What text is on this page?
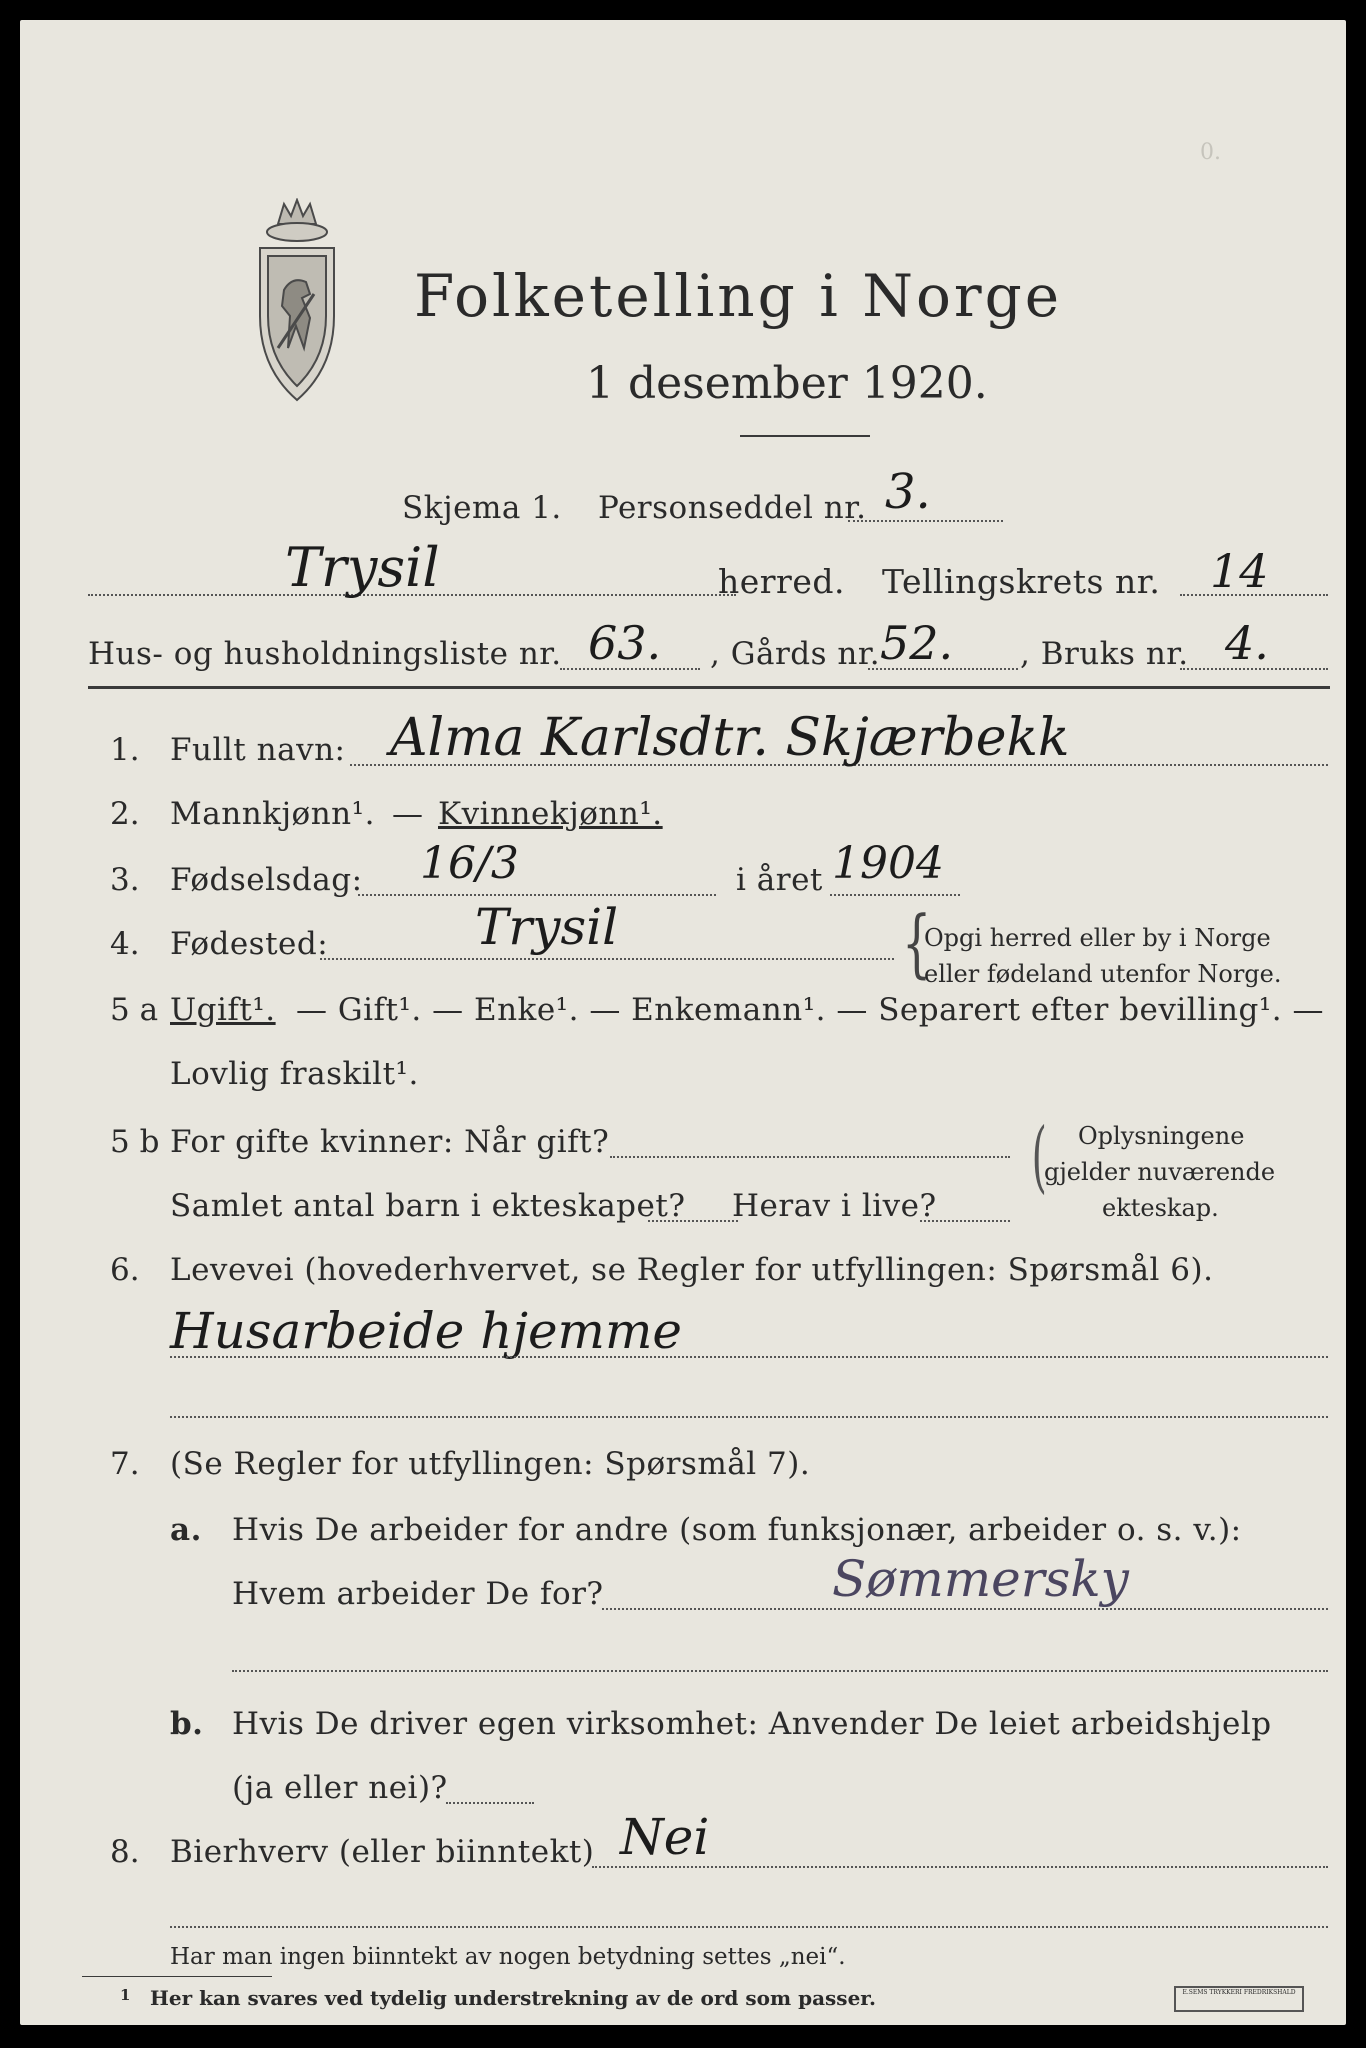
Folketelling i Norge
1 desember 1920.
0.
Skjema 1. Personseddel nr. 3.
Trysil	herred. Tellingskrets nr. 14
Hus- og husholdningsliste nr. 63. , Gårds nr. 52. , Bruks nr. 4.
1. Fullt navn: Alma Karlsdtr. Skjærbekk
2. Mannkjønn¹. — Kvinnekjønn¹.
3. Fødselsdag: 16/3	i året 1904
4. Fødested:	Trysil	{
Opgi herred eller by i Norge
eller fødeland utenfor Norge.
5 a Ugift¹. — Gift¹. — Enke¹. — Enkemann¹. — Separert efter bevilling¹. —
Lovlig fraskilt¹.
5 b For gifte kvinner: Når gift?
Samlet antal barn i ekteskapet? Herav i live?
( Oplysningene
gjelder nuværende
ekteskap.
6. Levevei (hovederhvervet, se Regler for utfyllingen: Spørsmål 6).
Husarbeide hjemme
7. (Se Regler for utfyllingen: Spørsmål 7).
a. Hvis De arbeider for andre (som funksjonær, arbeider o. s. v.):
Hvem arbeider De for?	Sømmersky
b. Hvis De driver egen virksomhet: Anvender De leiet arbeidshjelp
(ja eller nei)?
8. Bierhverv (eller biinntekt) Nei
Har man ingen biinntekt av nogen betydning settes „nei“.
1 Her kan svares ved tydelig understrekning av de ord som passer.	E.SEMS TRYKKERI FREDRIKSHALD
